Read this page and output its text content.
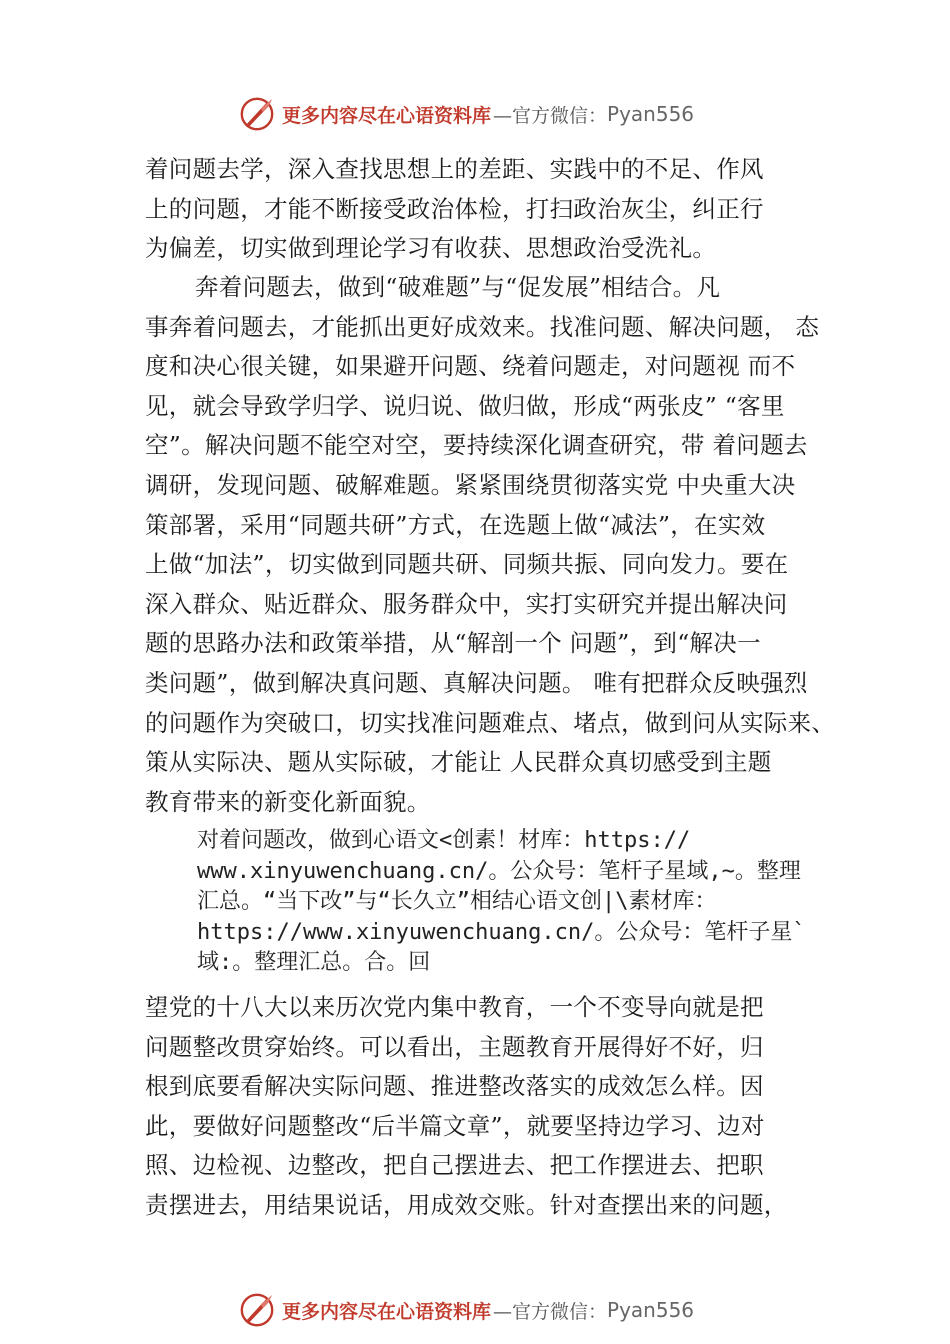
更多内容尽在心语资料库 —官方微信： Pyan556
着问题去学，深入查找思想上的差距、实践中的不足、作风
上的问题，才能不断接受政治体检，打扫政治灰尘，纠正行
为偏差，切实做到理论学习有收获、思想政治受洗礼。
奔着问题去，做到“破难题”与“促发展”相结合。凡
事奔着问题去，才能抓出更好成效来。找准问题、解决问题， 态
度和决心很关键，如果避开问题、绕着问题走，对问题视 而不
见，就会导致学归学、说归说、做归做，形成“两张皮” “客里
空”。解决问题不能空对空，要持续深化调查研究，带 着问题去
调研，发现问题、破解难题。紧紧围绕贯彻落实党 中央重大决
策部署，采用“同题共研”方式，在选题上做“减法”，在实效
上做“加法”，切实做到同题共研、同频共振、同向发力。要在
深入群众、贴近群众、服务群众中，实打实研究并提出解决问
题的思路办法和政策举措，从“解剖一个 问题”，到“解决一
类问题”，做到解决真问题、真解决问题。 唯有把群众反映强烈
的问题作为突破口，切实找准问题难点、堵点，做到问从实际来、
策从实际决、题从实际破，才能让 人民群众真切感受到主题
教育带来的新变化新面貌。
对着问题改，做到心语文<创素！材库：https://
www.xinyuwenchuang.cn/。公众号：笔杆子星域,~。整理
汇总。“当下改”与“长久立”相结心语文创|\素材库：
https://www.xinyuwenchuang.cn/。公众号：笔杆子星`
域:。整理汇总。合。回
望党的十八大以来历次党内集中教育，一个不变导向就是把
问题整改贯穿始终。可以看出，主题教育开展得好不好，归
根到底要看解决实际问题、推进整改落实的成效怎么样。因
此，要做好问题整改“后半篇文章”，就要坚持边学习、边对
照、边检视、边整改，把自己摆进去、把工作摆进去、把职
责摆进去，用结果说话，用成效交账。针对查摆出来的问题，
更多内容尽在心语资料库 —官方微信： Pyan556
